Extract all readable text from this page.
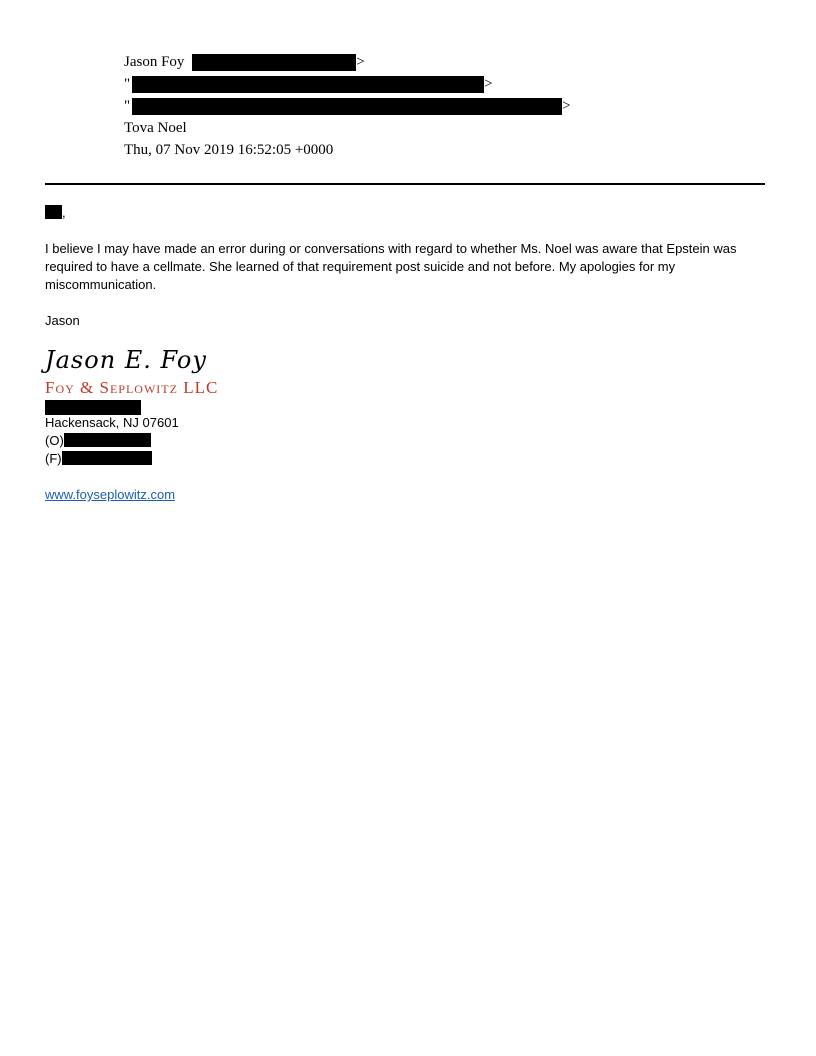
Jason Foy	>
"	>
"	>
Tova Noel
Thu, 07 Nov 2019 16:52:05 +0000
,
I believe I may have made an error during or conversations with regard to whether Ms. Noel was aware that Epstein was required to have a cellmate. She learned of that requirement post suicide and not before. My apologies for my miscommunication.
Jason
Jason E. Foy
Foy & Seplowitz LLC
Hackensack, NJ 07601
(O)
(F)
www.foyseplowitz.com
